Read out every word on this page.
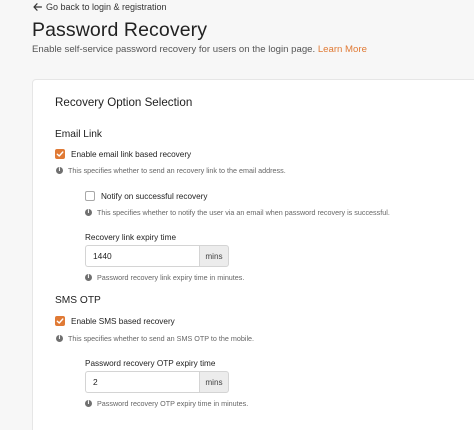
Go back to login & registration
Password Recovery
Enable self-service password recovery for users on the login page. Learn More
Recovery Option Selection
Email Link
Enable email link based recovery
i	This specifies whether to send an recovery link to the email address.
Notify on successful recovery
i	This specifies whether to notify the user via an email when password recovery is successful.
Recovery link expiry time
1440
mins
i	Password recovery link expiry time in minutes.
SMS OTP
Enable SMS based recovery
i	This specifies whether to send an SMS OTP to the mobile.
Password recovery OTP expiry time
2
mins
i	Password recovery OTP expiry time in minutes.
